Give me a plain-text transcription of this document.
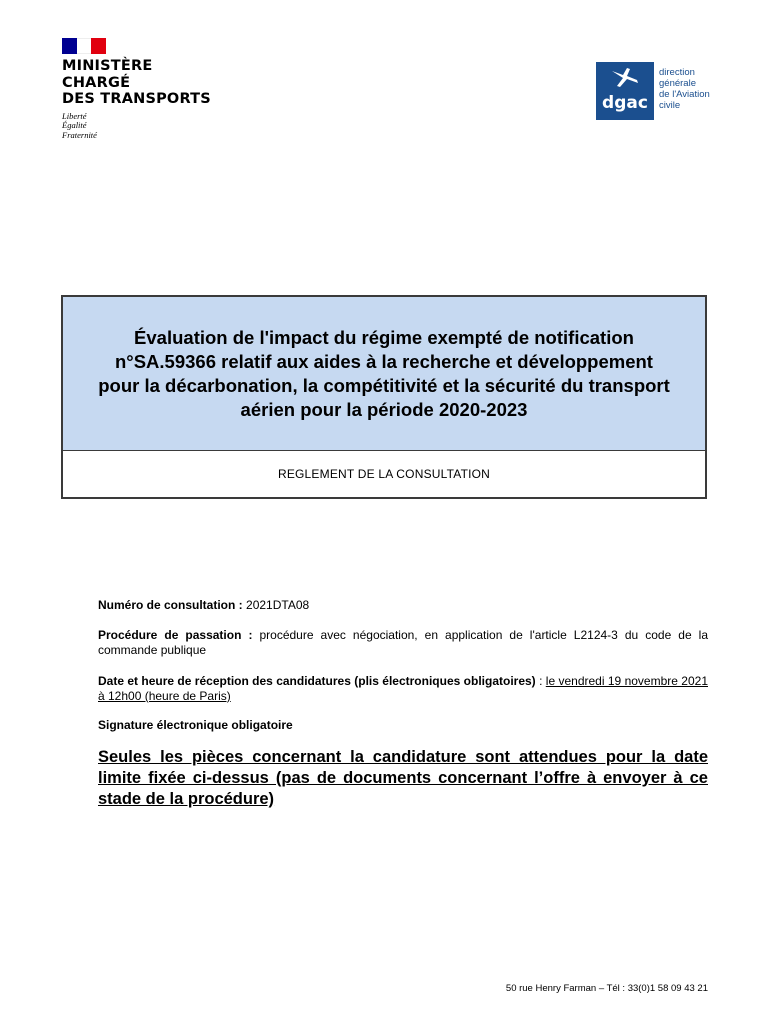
MINISTÈRE
CHARGÉ
DES TRANSPORTS
Liberté
Égalité
Fraternité
dgac
direction
générale
de l'Aviation
civile
Évaluation de l'impact du régime exempté de notification
n°SA.59366 relatif aux aides à la recherche et développement
pour la décarbonation, la compétitivité et la sécurité du transport
aérien pour la période 2020-2023
REGLEMENT DE LA CONSULTATION
Numéro de consultation : 2021DTA08
Procédure de passation : procédure avec négociation, en application de l'article L2124-3 du code de la commande publique
Date et heure de réception des candidatures (plis électroniques obligatoires) : le vendredi 19 novembre 2021 à 12h00 (heure de Paris)
Signature électronique obligatoire
Seules les pièces concernant la candidature sont attendues pour la date limite fixée ci-dessus (pas de documents concernant l’offre à envoyer à ce stade de la procédure)
50 rue Henry Farman – Tél : 33(0)1 58 09 43 21
